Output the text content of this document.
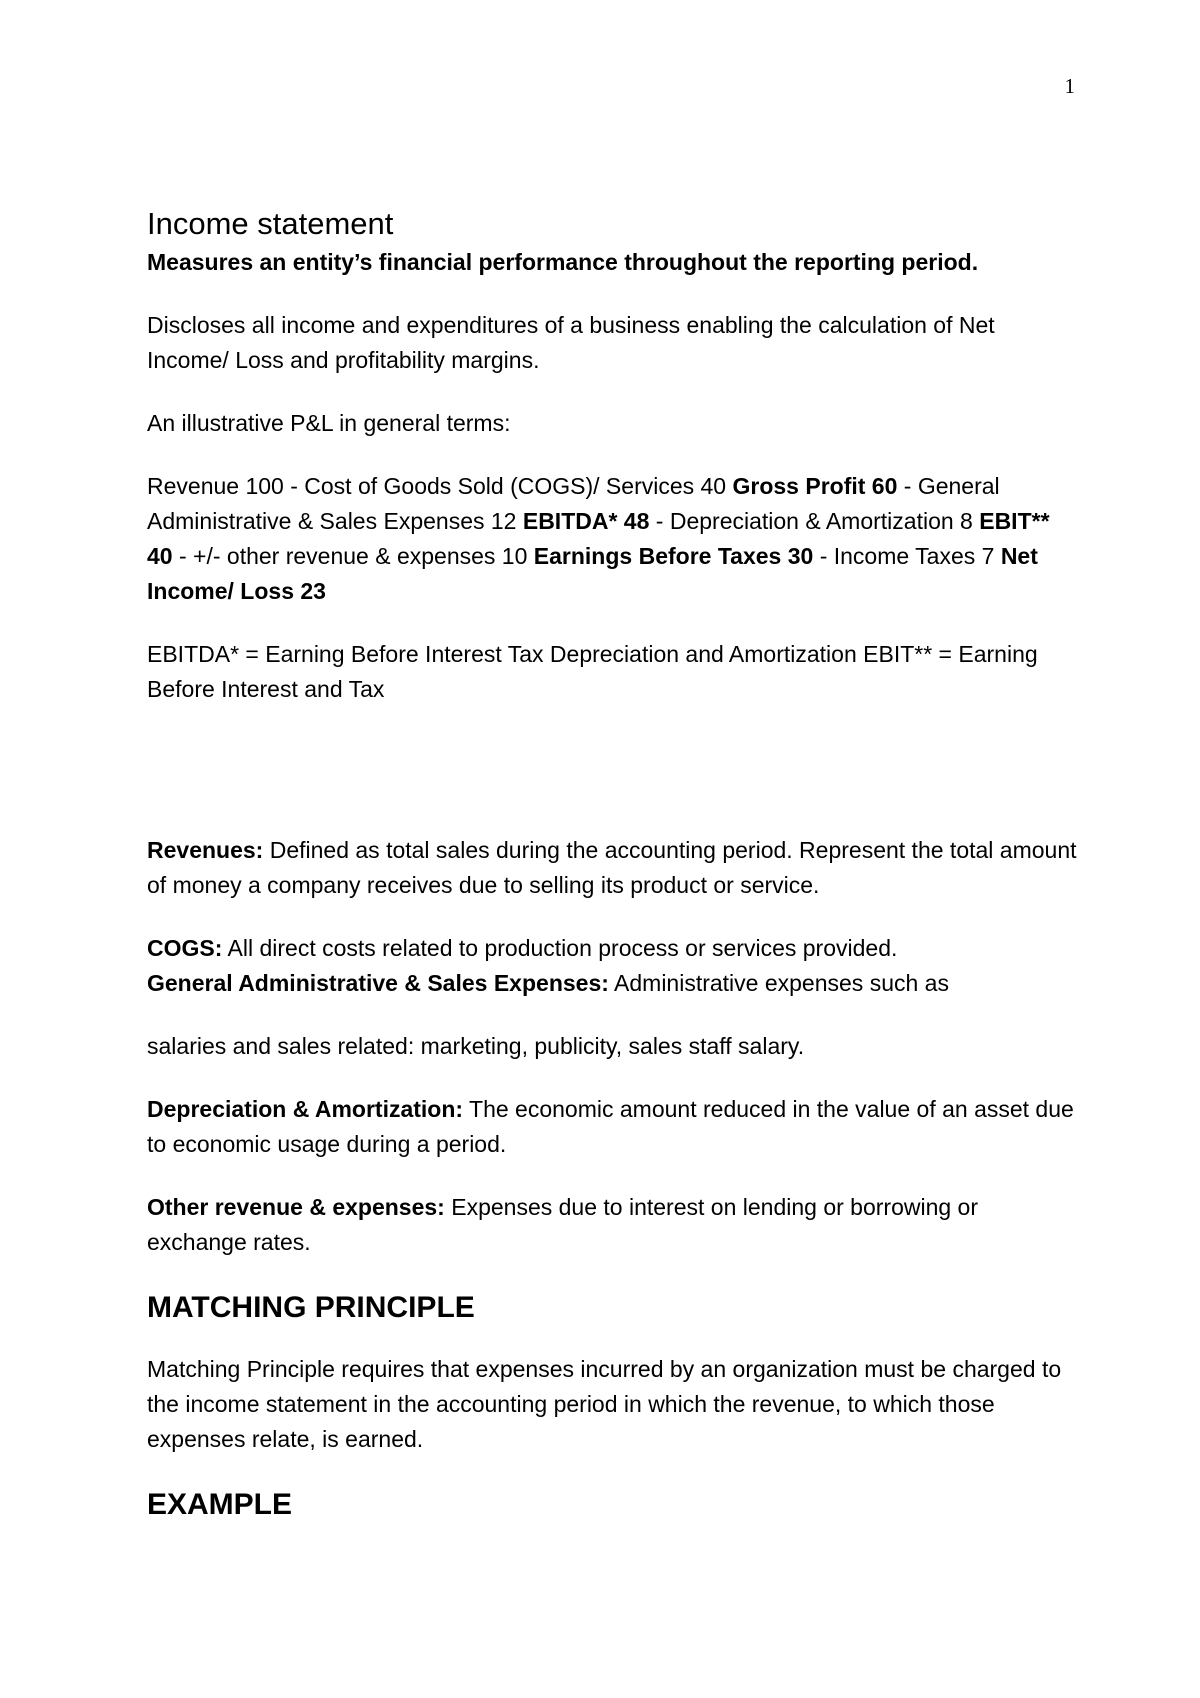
1
Income statement

Measures an entity’s financial performance throughout the reporting period.

Discloses all income and expenditures of a business enabling the calculation of Net Income/ Loss and profitability margins.

An illustrative P&L in general terms:

Revenue 100 - Cost of Goods Sold (COGS)/ Services 40 Gross Profit 60 - General Administrative & Sales Expenses 12 EBITDA* 48 - Depreciation & Amortization 8 EBIT** 40 - +/- other revenue & expenses 10 Earnings Before Taxes 30 - Income Taxes 7 Net Income/ Loss 23

EBITDA* = Earning Before Interest Tax Depreciation and Amortization EBIT** = Earning Before Interest and Tax

Revenues: Defined as total sales during the accounting period. Represent the total amount of money a company receives due to selling its product or service.

COGS: All direct costs related to production process or services provided.

General Administrative & Sales Expenses: Administrative expenses such as

salaries and sales related: marketing, publicity, sales staff salary.

Depreciation & Amortization: The economic amount reduced in the value of an asset due to economic usage during a period.

Other revenue & expenses: Expenses due to interest on lending or borrowing or exchange rates.

MATCHING PRINCIPLE

Matching Principle requires that expenses incurred by an organization must be charged to the income statement in the accounting period in which the revenue, to which those expenses relate, is earned.

EXAMPLE
